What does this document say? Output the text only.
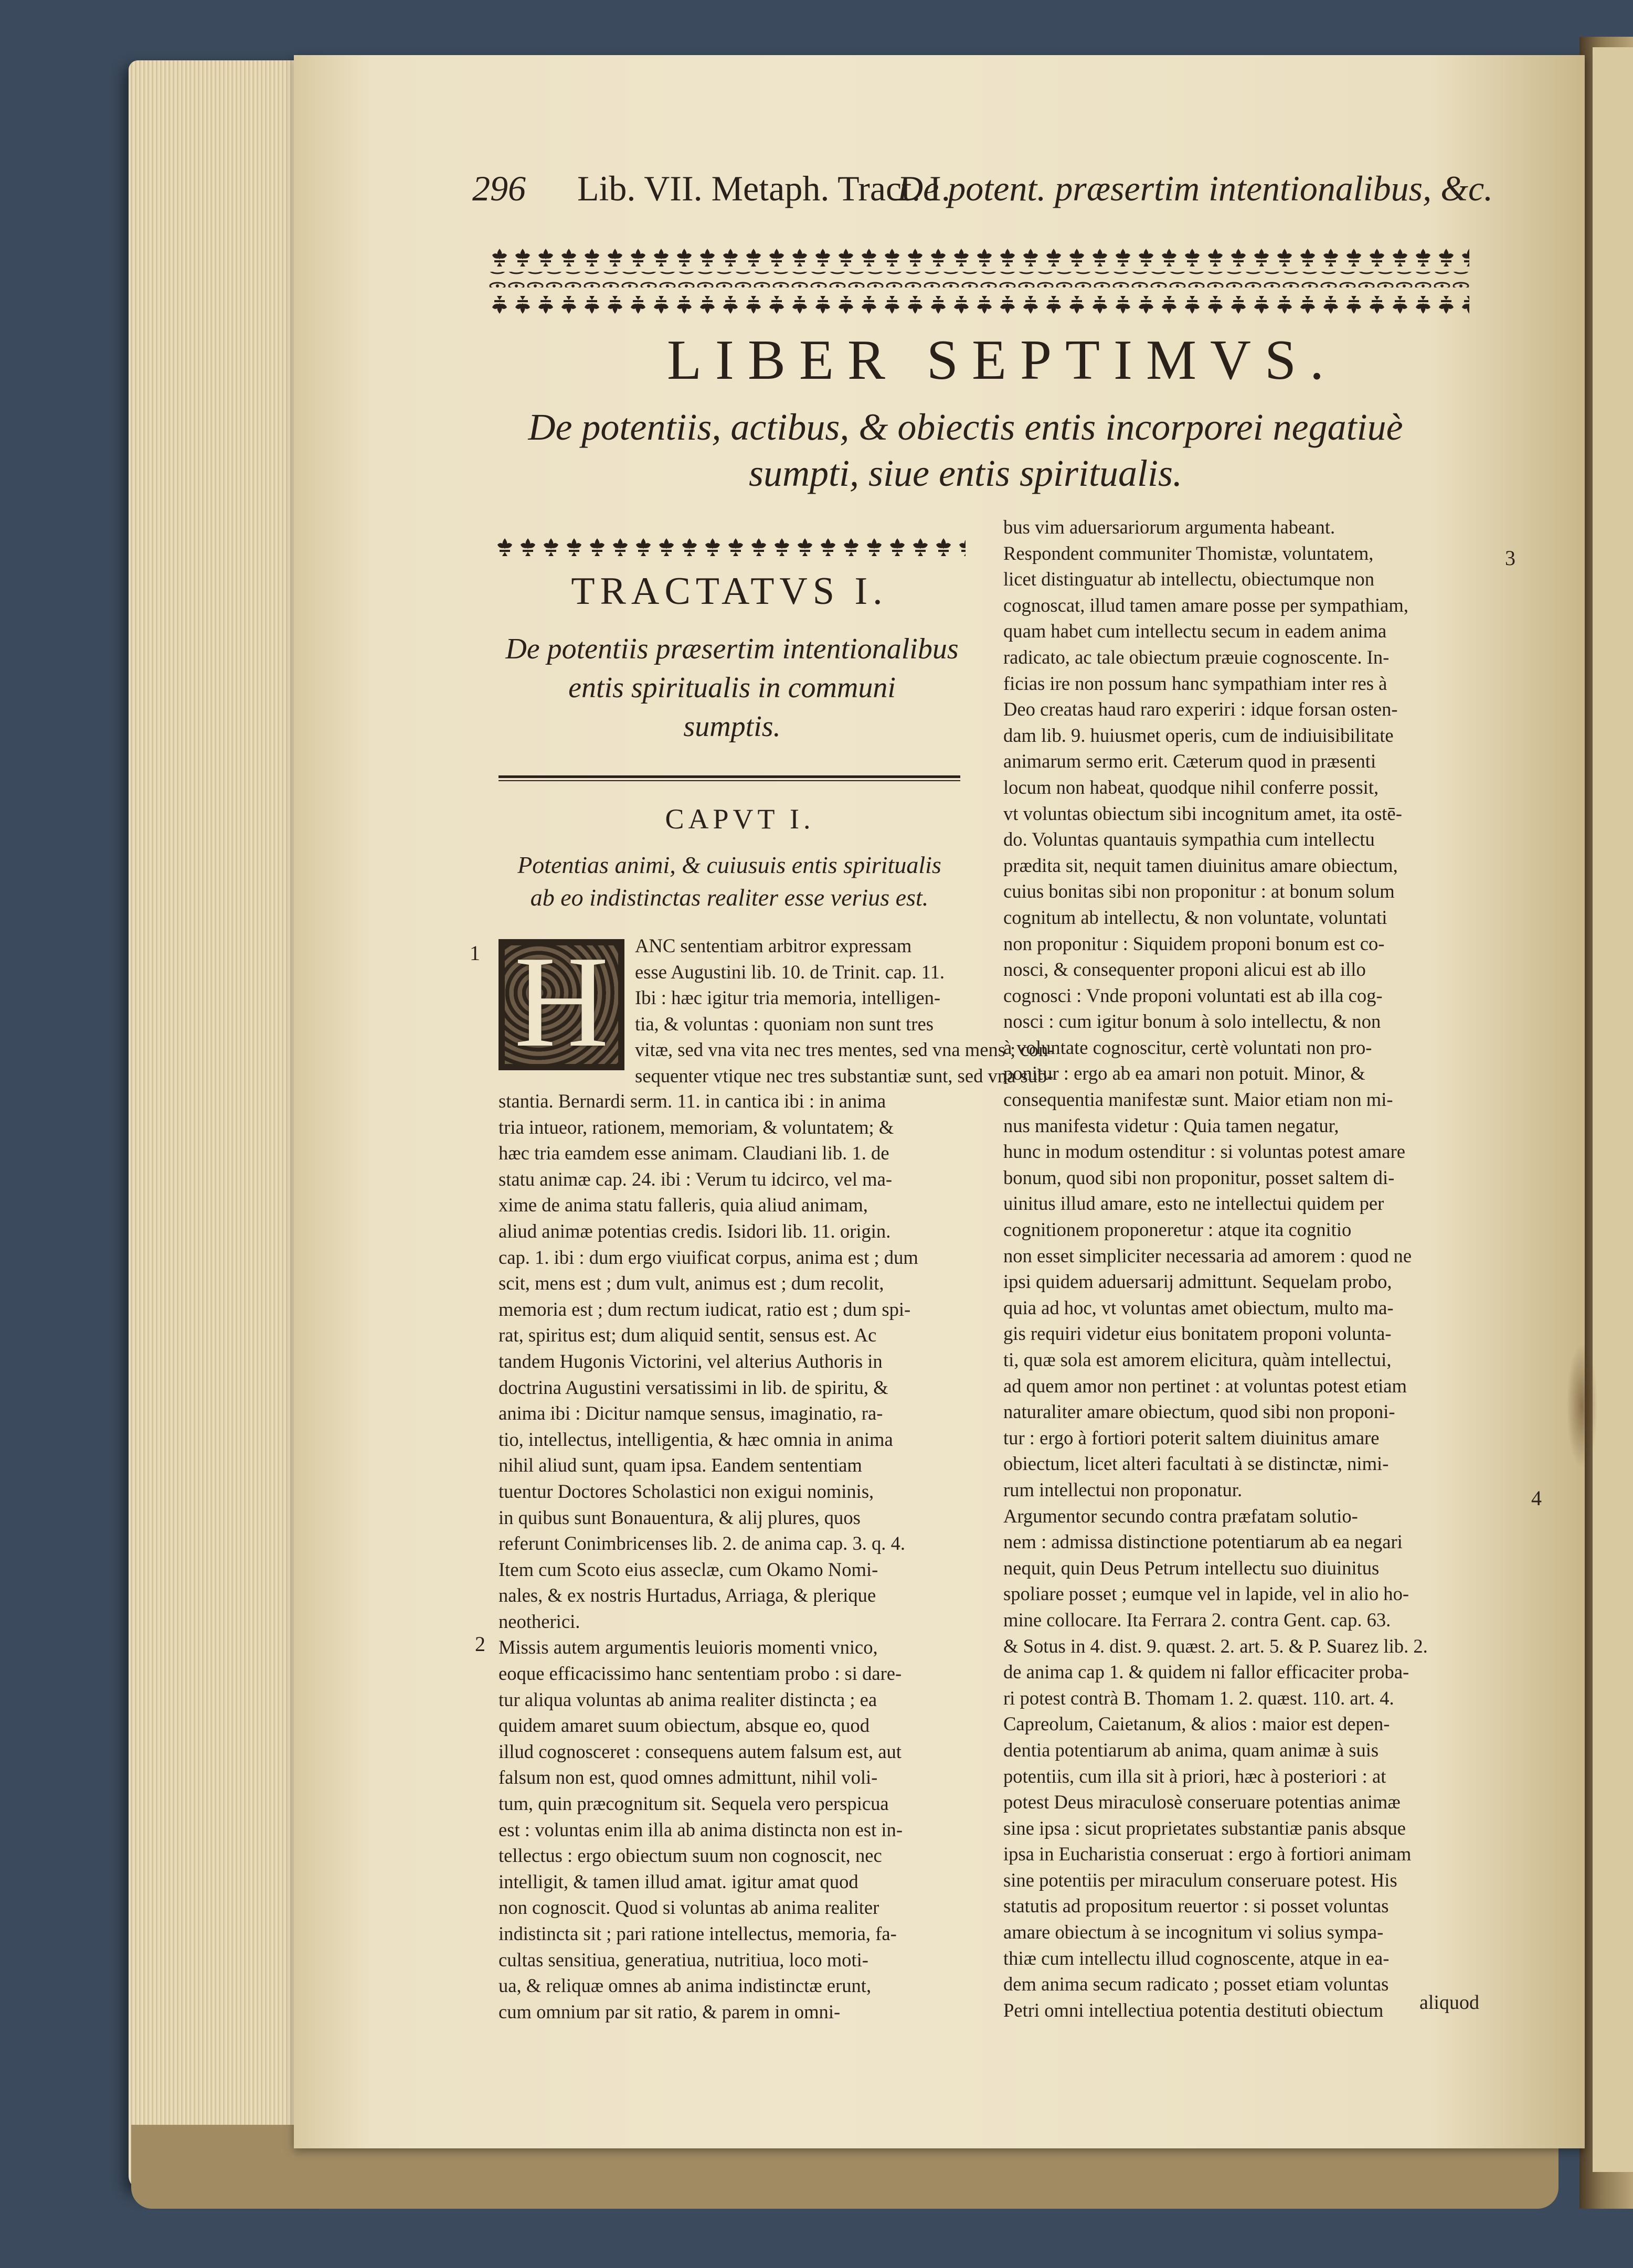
296 Lib. VII. Metaph. Tract. I.
De potent. præsertim intentionalibus, &c.
LIBER SEPTIMVS.
De potentiis, actibus, & obiectis entis incorporei negatiuè
sumpti, siue entis spiritualis.
TRACTATVS I.
De potentiis præsertim intentionalibus
entis spiritualis in communi
sumptis.
CAPVT I.
Potentias animi, & cuiusuis entis spiritualis
ab eo indistinctas realiter esse verius est.
H
1
2
3
4
ANC sententiam arbitror expressam
esse Augustini lib. 10. de Trinit. cap. 11.
Ibi : hæc igitur tria memoria, intelligen-
tia, & voluntas : quoniam non sunt tres
vitæ, sed vna vita nec tres mentes, sed vna mens ; con-
sequenter vtique nec tres substantiæ sunt, sed vna sub-
stantia. Bernardi serm. 11. in cantica ibi : in anima
tria intueor, rationem, memoriam, & voluntatem; &
hæc tria eamdem esse animam. Claudiani lib. 1. de
statu animæ cap. 24. ibi : Verum tu idcirco, vel ma-
xime de anima statu falleris, quia aliud animam,
aliud animæ potentias credis. Isidori lib. 11. origin.
cap. 1. ibi : dum ergo viuificat corpus, anima est ; dum
scit, mens est ; dum vult, animus est ; dum recolit,
memoria est ; dum rectum iudicat, ratio est ; dum spi-
rat, spiritus est; dum aliquid sentit, sensus est. Ac
tandem Hugonis Victorini, vel alterius Authoris in
doctrina Augustini versatissimi in lib. de spiritu, &
anima ibi : Dicitur namque sensus, imaginatio, ra-
tio, intellectus, intelligentia, & hæc omnia in anima
nihil aliud sunt, quam ipsa. Eandem sententiam
tuentur Doctores Scholastici non exigui nominis,
in quibus sunt Bonauentura, & alij plures, quos
referunt Conimbricenses lib. 2. de anima cap. 3. q. 4.
Item cum Scoto eius asseclæ, cum Okamo Nomi-
nales, & ex nostris Hurtadus, Arriaga, & plerique
neotherici.
Missis autem argumentis leuioris momenti vnico,
eoque efficacissimo hanc sententiam probo : si dare-
tur aliqua voluntas ab anima realiter distincta ; ea
quidem amaret suum obiectum, absque eo, quod
illud cognosceret : consequens autem falsum est, aut
falsum non est, quod omnes admittunt, nihil voli-
tum, quin præcognitum sit. Sequela vero perspicua
est : voluntas enim illa ab anima distincta non est in-
tellectus : ergo obiectum suum non cognoscit, nec
intelligit, & tamen illud amat. igitur amat quod
non cognoscit. Quod si voluntas ab anima realiter
indistincta sit ; pari ratione intellectus, memoria, fa-
cultas sensitiua, generatiua, nutritiua, loco moti-
ua, & reliquæ omnes ab anima indistinctæ erunt,
cum omnium par sit ratio, & parem in omni-
bus vim aduersariorum argumenta habeant.
Respondent communiter Thomistæ, voluntatem,
licet distinguatur ab intellectu, obiectumque non
cognoscat, illud tamen amare posse per sympathiam,
quam habet cum intellectu secum in eadem anima
radicato, ac tale obiectum præuie cognoscente. In-
ficias ire non possum hanc sympathiam inter res à
Deo creatas haud raro experiri : idque forsan osten-
dam lib. 9. huiusmet operis, cum de indiuisibilitate
animarum sermo erit. Cæterum quod in præsenti
locum non habeat, quodque nihil conferre possit,
vt voluntas obiectum sibi incognitum amet, ita ostē-
do. Voluntas quantauis sympathia cum intellectu
prædita sit, nequit tamen diuinitus amare obiectum,
cuius bonitas sibi non proponitur : at bonum solum
cognitum ab intellectu, & non voluntate, voluntati
non proponitur : Siquidem proponi bonum est co-
nosci, & consequenter proponi alicui est ab illo
cognosci : Vnde proponi voluntati est ab illa cog-
nosci : cum igitur bonum à solo intellectu, & non
à voluntate cognoscitur, certè voluntati non pro-
ponitur : ergo ab ea amari non potuit. Minor, &
consequentia manifestæ sunt. Maior etiam non mi-
nus manifesta videtur : Quia tamen negatur,
hunc in modum ostenditur : si voluntas potest amare
bonum, quod sibi non proponitur, posset saltem di-
uinitus illud amare, esto ne intellectui quidem per
cognitionem proponeretur : atque ita cognitio
non esset simpliciter necessaria ad amorem : quod ne
ipsi quidem aduersarij admittunt. Sequelam probo,
quia ad hoc, vt voluntas amet obiectum, multo ma-
gis requiri videtur eius bonitatem proponi volunta-
ti, quæ sola est amorem elicitura, quàm intellectui,
ad quem amor non pertinet : at voluntas potest etiam
naturaliter amare obiectum, quod sibi non proponi-
tur : ergo à fortiori poterit saltem diuinitus amare
obiectum, licet alteri facultati à se distinctæ, nimi-
rum intellectui non proponatur.
Argumentor secundo contra præfatam solutio-
nem : admissa distinctione potentiarum ab ea negari
nequit, quin Deus Petrum intellectu suo diuinitus
spoliare posset ; eumque vel in lapide, vel in alio ho-
mine collocare. Ita Ferrara 2. contra Gent. cap. 63.
& Sotus in 4. dist. 9. quæst. 2. art. 5. & P. Suarez lib. 2.
de anima cap 1. & quidem ni fallor efficaciter proba-
ri potest contrà B. Thomam 1. 2. quæst. 110. art. 4.
Capreolum, Caietanum, & alios : maior est depen-
dentia potentiarum ab anima, quam animæ à suis
potentiis, cum illa sit à priori, hæc à posteriori : at
potest Deus miraculosè conseruare potentias animæ
sine ipsa : sicut proprietates substantiæ panis absque
ipsa in Eucharistia conseruat : ergo à fortiori animam
sine potentiis per miraculum conseruare potest. His
statutis ad propositum reuertor : si posset voluntas
amare obiectum à se incognitum vi solius sympa-
thiæ cum intellectu illud cognoscente, atque in ea-
dem anima secum radicato ; posset etiam voluntas
Petri omni intellectiua potentia destituti obiectum	aliquod
